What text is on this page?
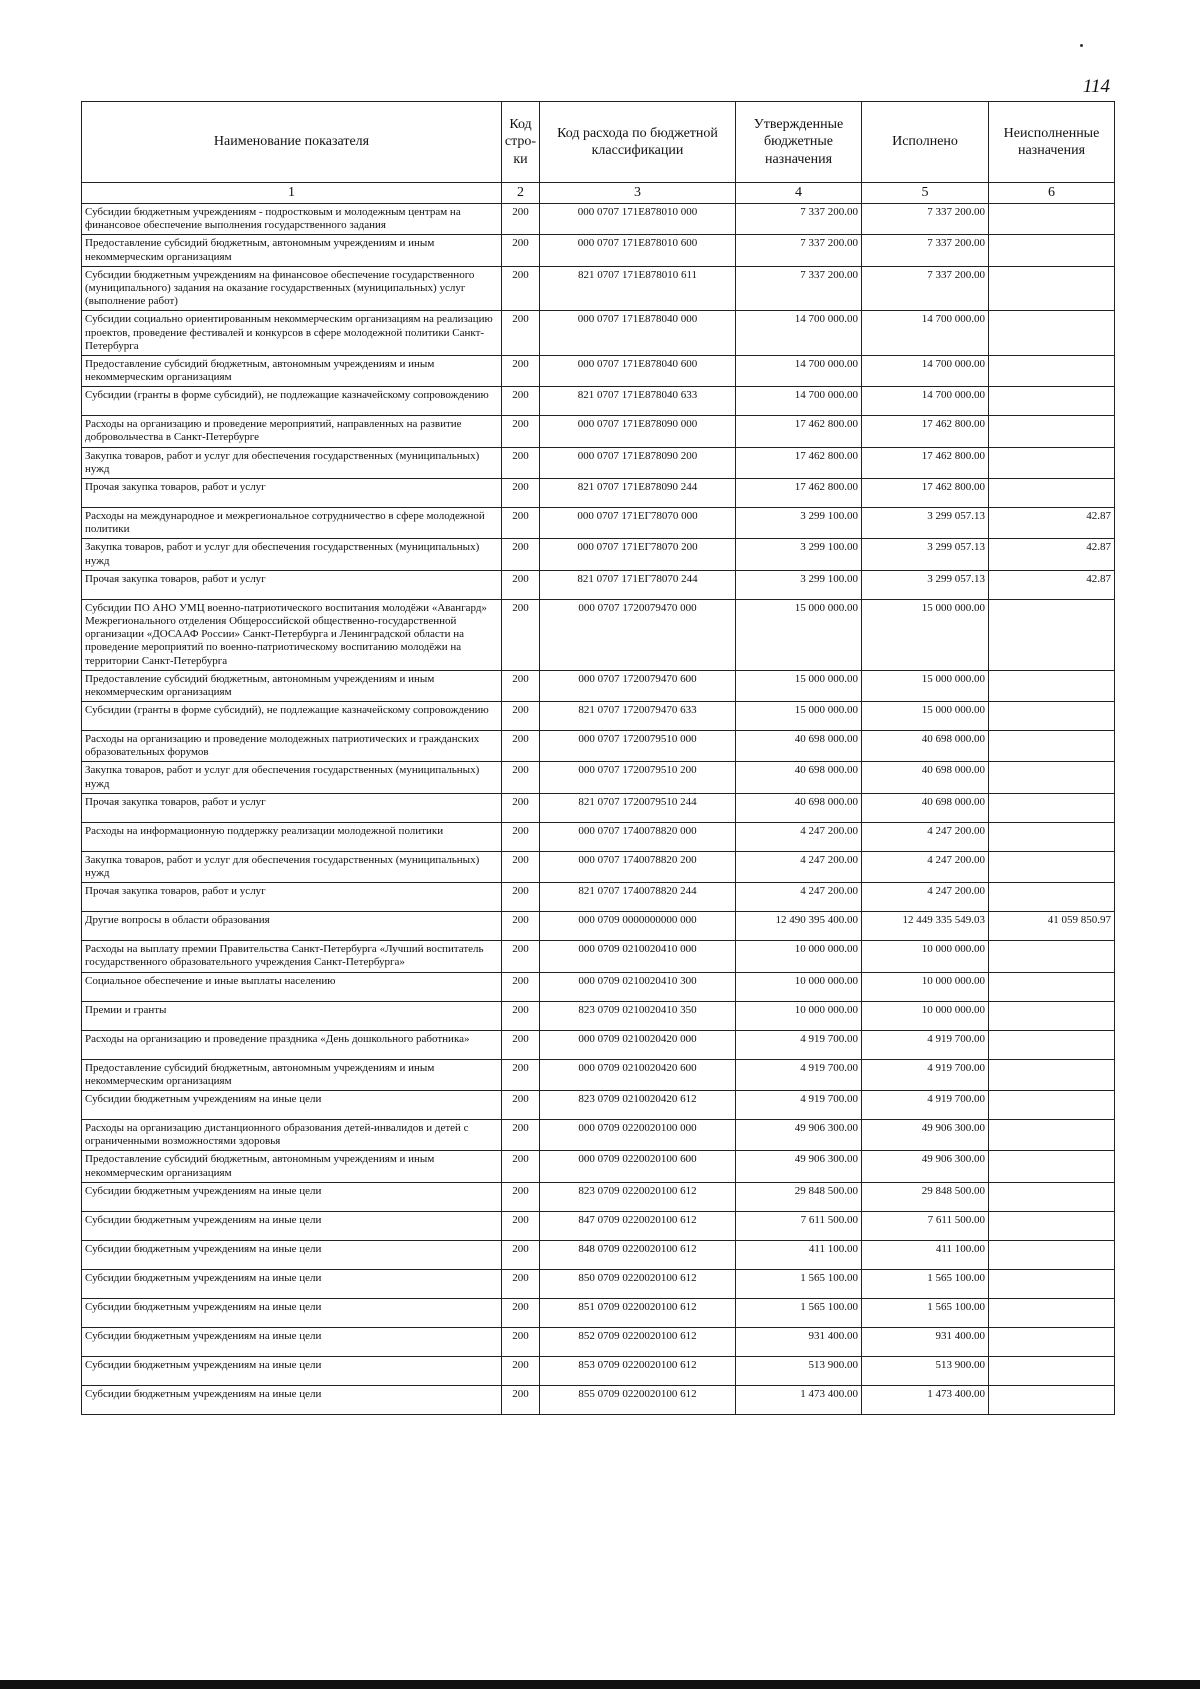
114
Наименование показателя	Код стро-ки	Код расхода по бюджетной классификации	Утвержденные бюджетные назначения	Исполнено	Неисполненные назначения
1	2	3	4	5	6
Субсидии бюджетным учреждениям - подростковым и молодежным центрам на финансовое обеспечение выполнения государственного задания	200	000 0707 171E878010 000	7 337 200.00	7 337 200.00	
Предоставление субсидий бюджетным, автономным учреждениям и иным некоммерческим организациям	200	000 0707 171E878010 600	7 337 200.00	7 337 200.00	
Субсидии бюджетным учреждениям на финансовое обеспечение государственного (муниципального) задания на оказание государственных (муниципальных) услуг (выполнение работ)	200	821 0707 171E878010 611	7 337 200.00	7 337 200.00	
Субсидии социально ориентированным некоммерческим организациям на реализацию проектов, проведение фестивалей и конкурсов в сфере молодежной политики Санкт-Петербурга	200	000 0707 171E878040 000	14 700 000.00	14 700 000.00	
Предоставление субсидий бюджетным, автономным учреждениям и иным некоммерческим организациям	200	000 0707 171E878040 600	14 700 000.00	14 700 000.00	
Субсидии (гранты в форме субсидий), не подлежащие казначейскому сопровождению	200	821 0707 171E878040 633	14 700 000.00	14 700 000.00	
Расходы на организацию и проведение мероприятий, направленных на развитие добровольчества в Санкт-Петербурге	200	000 0707 171E878090 000	17 462 800.00	17 462 800.00	
Закупка товаров, работ и услуг для обеспечения государственных (муниципальных) нужд	200	000 0707 171E878090 200	17 462 800.00	17 462 800.00	
Прочая закупка товаров, работ и услуг	200	821 0707 171E878090 244	17 462 800.00	17 462 800.00	
Расходы на международное и межрегиональное сотрудничество в сфере молодежной политики	200	000 0707 171EГ78070 000	3 299 100.00	3 299 057.13	42.87
Закупка товаров, работ и услуг для обеспечения государственных (муниципальных) нужд	200	000 0707 171EГ78070 200	3 299 100.00	3 299 057.13	42.87
Прочая закупка товаров, работ и услуг	200	821 0707 171EГ78070 244	3 299 100.00	3 299 057.13	42.87
Субсидии ПО АНО УМЦ военно-патриотического воспитания молодёжи «Авангард» Межрегионального отделения Общероссийской общественно-государственной организации «ДОСААФ России» Санкт-Петербурга и Ленинградской области на проведение мероприятий по военно-патриотическому воспитанию молодёжи на территории Санкт-Петербурга	200	000 0707 1720079470 000	15 000 000.00	15 000 000.00	
Предоставление субсидий бюджетным, автономным учреждениям и иным некоммерческим организациям	200	000 0707 1720079470 600	15 000 000.00	15 000 000.00	
Субсидии (гранты в форме субсидий), не подлежащие казначейскому сопровождению	200	821 0707 1720079470 633	15 000 000.00	15 000 000.00	
Расходы на организацию и проведение молодежных патриотических и гражданских образовательных форумов	200	000 0707 1720079510 000	40 698 000.00	40 698 000.00	
Закупка товаров, работ и услуг для обеспечения государственных (муниципальных) нужд	200	000 0707 1720079510 200	40 698 000.00	40 698 000.00	
Прочая закупка товаров, работ и услуг	200	821 0707 1720079510 244	40 698 000.00	40 698 000.00	
Расходы на информационную поддержку реализации молодежной политики	200	000 0707 1740078820 000	4 247 200.00	4 247 200.00	
Закупка товаров, работ и услуг для обеспечения государственных (муниципальных) нужд	200	000 0707 1740078820 200	4 247 200.00	4 247 200.00	
Прочая закупка товаров, работ и услуг	200	821 0707 1740078820 244	4 247 200.00	4 247 200.00	
Другие вопросы в области образования	200	000 0709 0000000000 000	12 490 395 400.00	12 449 335 549.03	41 059 850.97
Расходы на выплату премии Правительства Санкт-Петербурга «Лучший воспитатель государственного образовательного учреждения Санкт-Петербурга»	200	000 0709 0210020410 000	10 000 000.00	10 000 000.00	
Социальное обеспечение и иные выплаты населению	200	000 0709 0210020410 300	10 000 000.00	10 000 000.00	
Премии и гранты	200	823 0709 0210020410 350	10 000 000.00	10 000 000.00	
Расходы на организацию и проведение праздника «День дошкольного работника»	200	000 0709 0210020420 000	4 919 700.00	4 919 700.00	
Предоставление субсидий бюджетным, автономным учреждениям и иным некоммерческим организациям	200	000 0709 0210020420 600	4 919 700.00	4 919 700.00	
Субсидии бюджетным учреждениям на иные цели	200	823 0709 0210020420 612	4 919 700.00	4 919 700.00	
Расходы на организацию дистанционного образования детей-инвалидов и детей с ограниченными возможностями здоровья	200	000 0709 0220020100 000	49 906 300.00	49 906 300.00	
Предоставление субсидий бюджетным, автономным учреждениям и иным некоммерческим организациям	200	000 0709 0220020100 600	49 906 300.00	49 906 300.00	
Субсидии бюджетным учреждениям на иные цели	200	823 0709 0220020100 612	29 848 500.00	29 848 500.00	
Субсидии бюджетным учреждениям на иные цели	200	847 0709 0220020100 612	7 611 500.00	7 611 500.00	
Субсидии бюджетным учреждениям на иные цели	200	848 0709 0220020100 612	411 100.00	411 100.00	
Субсидии бюджетным учреждениям на иные цели	200	850 0709 0220020100 612	1 565 100.00	1 565 100.00	
Субсидии бюджетным учреждениям на иные цели	200	851 0709 0220020100 612	1 565 100.00	1 565 100.00	
Субсидии бюджетным учреждениям на иные цели	200	852 0709 0220020100 612	931 400.00	931 400.00	
Субсидии бюджетным учреждениям на иные цели	200	853 0709 0220020100 612	513 900.00	513 900.00	
Субсидии бюджетным учреждениям на иные цели	200	855 0709 0220020100 612	1 473 400.00	1 473 400.00	
